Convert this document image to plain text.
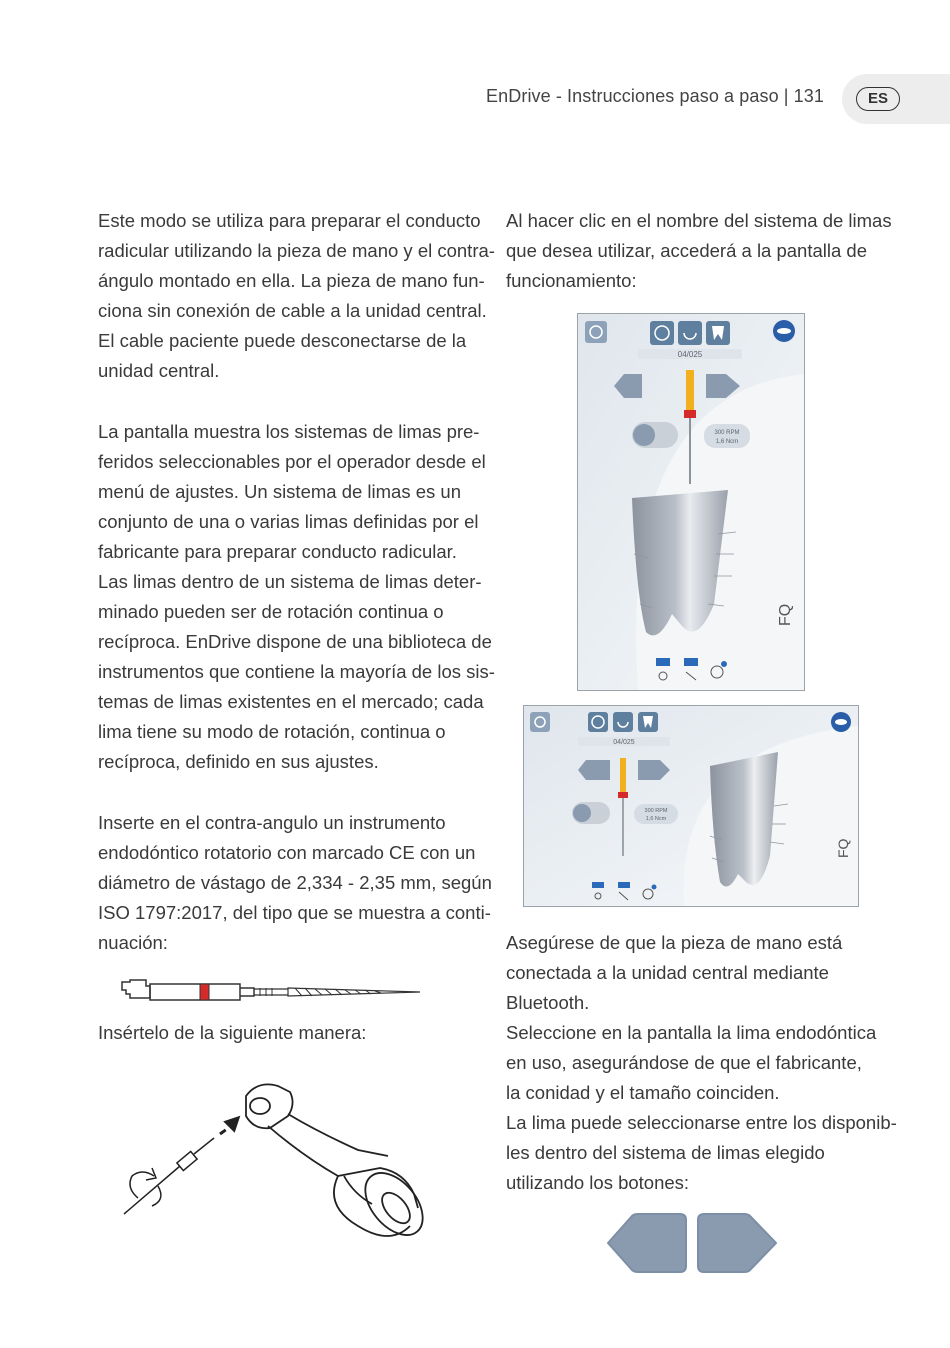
EnDrive - Instrucciones paso a paso | 131	ES
Este modo se utiliza para preparar el conducto
radicular utilizando la pieza de mano y el contra-
ángulo montado en ella. La pieza de mano fun-
ciona sin conexión de cable a la unidad central.
El cable paciente puede desconectarse de la
unidad central.
La pantalla muestra los sistemas de limas pre-
feridos seleccionables por el operador desde el
menú de ajustes. Un sistema de limas es un
conjunto de una o varias limas definidas por el
fabricante para preparar conducto radicular.
Las limas dentro de un sistema de limas deter-
minado pueden ser de rotación continua o
recíproca. EnDrive dispone de una biblioteca de
instrumentos que contiene la mayoría de los sis-
temas de limas existentes en el mercado; cada
lima tiene su modo de rotación, continua o
recíproca, definido en sus ajustes.
Inserte en el contra-angulo un instrumento
endodóntico rotatorio con marcado CE con un
diámetro de vástago de 2,334 - 2,35 mm, según
ISO 1797:2017, del tipo que se muestra a conti-
nuación:
Insértelo de la siguiente manera:
Al hacer clic en el nombre del sistema de limas
que desea utilizar, accederá a la pantalla de
funcionamiento:
Asegúrese de que la pieza de mano está
conectada a la unidad central mediante
Bluetooth.
Seleccione en la pantalla la lima endodóntica
en uso, asegurándose de que el fabricante,
la conidad y el tamaño coinciden.
La lima puede seleccionarse entre los disponib-
les dentro del sistema de limas elegido
utilizando los botones:
04/025
300 RPM
1,6 Ncm
FQ
04/025
300 RPM
1,6 Ncm
FQ
